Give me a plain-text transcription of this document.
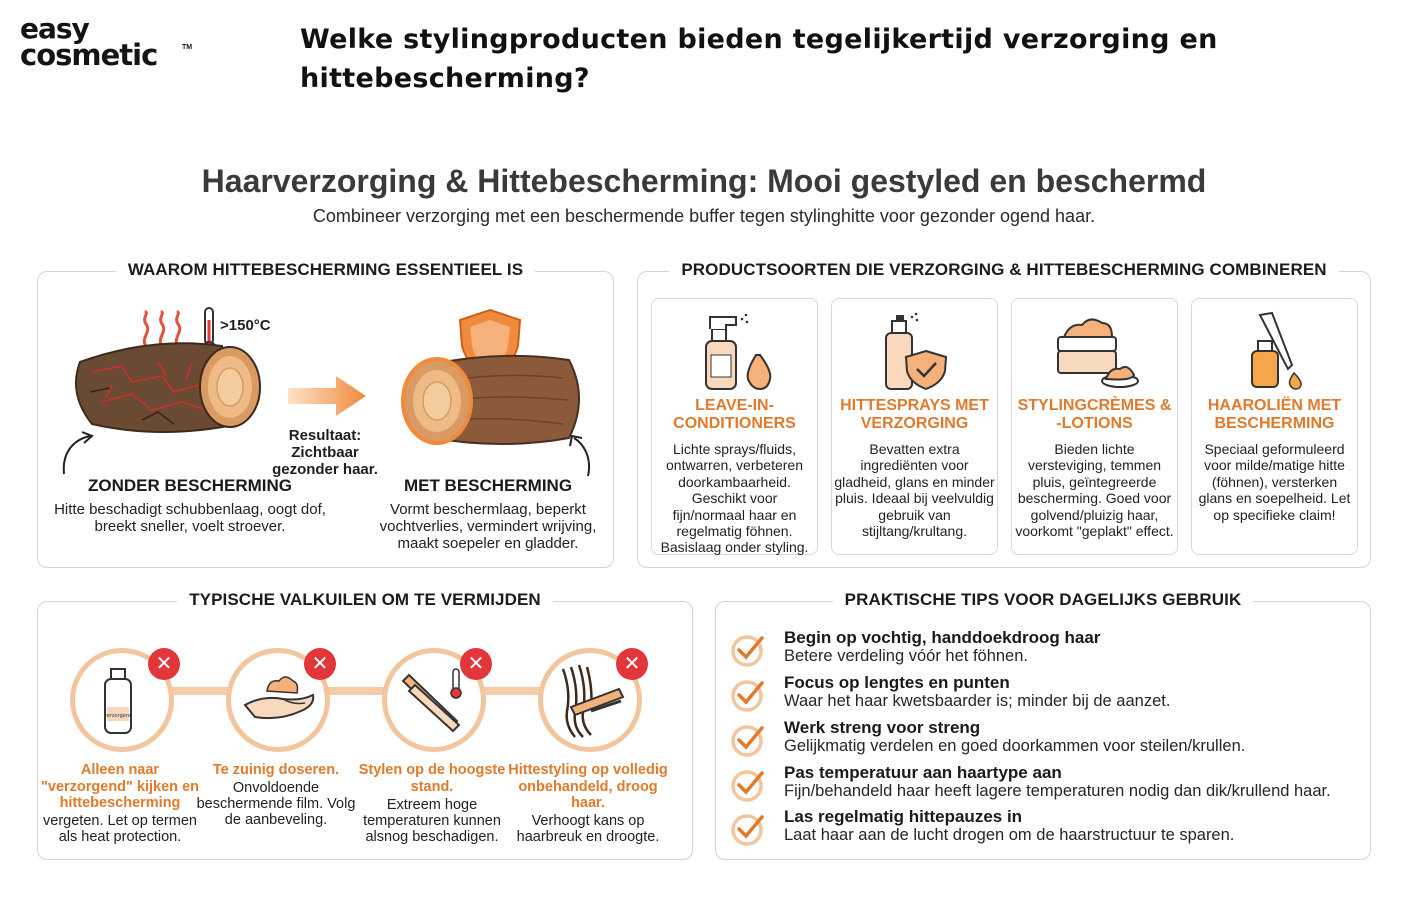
easy
cosmetic	TM	Welke stylingproducten bieden tegelijkertijd verzorging en hittebescherming?
Haarverzorging & Hittebescherming: Mooi gestyled en beschermd
Combineer verzorging met een beschermende buffer tegen stylinghitte voor gezonder ogend haar.
WAAROM HITTEBESCHERMING ESSENTIEEL IS
>150°C
Resultaat: Zichtbaar gezonder haar.
ZONDER BESCHERMING
Hitte beschadigt schubbenlaag, oogt dof, breekt sneller, voelt stroever.
MET BESCHERMING
Vormt beschermlaag, beperkt vochtverlies, vermindert wrijving, maakt soepeler en gladder.
PRODUCTSOORTEN DIE VERZORGING & HITTEBESCHERMING COMBINEREN
LEAVE-IN-CONDITIONERS
Lichte sprays/fluids, ontwarren, verbeteren doorkambaarheid. Geschikt voor fijn/normaal haar en regelmatig föhnen. Basislaag onder styling.
HITTESPRAYS MET VERZORGING
Bevatten extra ingrediënten voor gladheid, glans en minder pluis. Ideaal bij veelvuldig gebruik van stijltang/krultang.
STYLINGCRÈMES & -LOTIONS
Bieden lichte versteviging, temmen pluis, geïntegreerde bescherming. Goed voor golvend/pluizig haar, voorkomt "geplakt" effect.
HAAROLIËN MET BESCHERMING
Speciaal geformuleerd voor milde/matige hitte (föhnen), versterken glans en soepelheid. Let op specifieke claim!
TYPISCHE VALKUILEN OM TE VERMIJDEN
verzorgend
✕
Alleen naar "verzorgend" kijken en hittebescherming
vergeten. Let op termen als heat protection.
✕
Te zuinig doseren.
Onvoldoende beschermende film. Volg de aanbeveling.
✕
Stylen op de hoogste stand.
Extreem hoge temperaturen kunnen alsnog beschadigen.
✕
Hittestyling op volledig onbehandeld, droog haar.
Verhoogt kans op haarbreuk en droogte.
PRAKTISCHE TIPS VOOR DAGELIJKS GEBRUIK
Begin op vochtig, handdoekdroog haar
Betere verdeling vóór het föhnen.
Focus op lengtes en punten
Waar het haar kwetsbaarder is; minder bij de aanzet.
Werk streng voor streng
Gelijkmatig verdelen en goed doorkammen voor steilen/krullen.
Pas temperatuur aan haartype aan
Fijn/behandeld haar heeft lagere temperaturen nodig dan dik/krullend haar.
Las regelmatig hittepauzes in
Laat haar aan de lucht drogen om de haarstructuur te sparen.
